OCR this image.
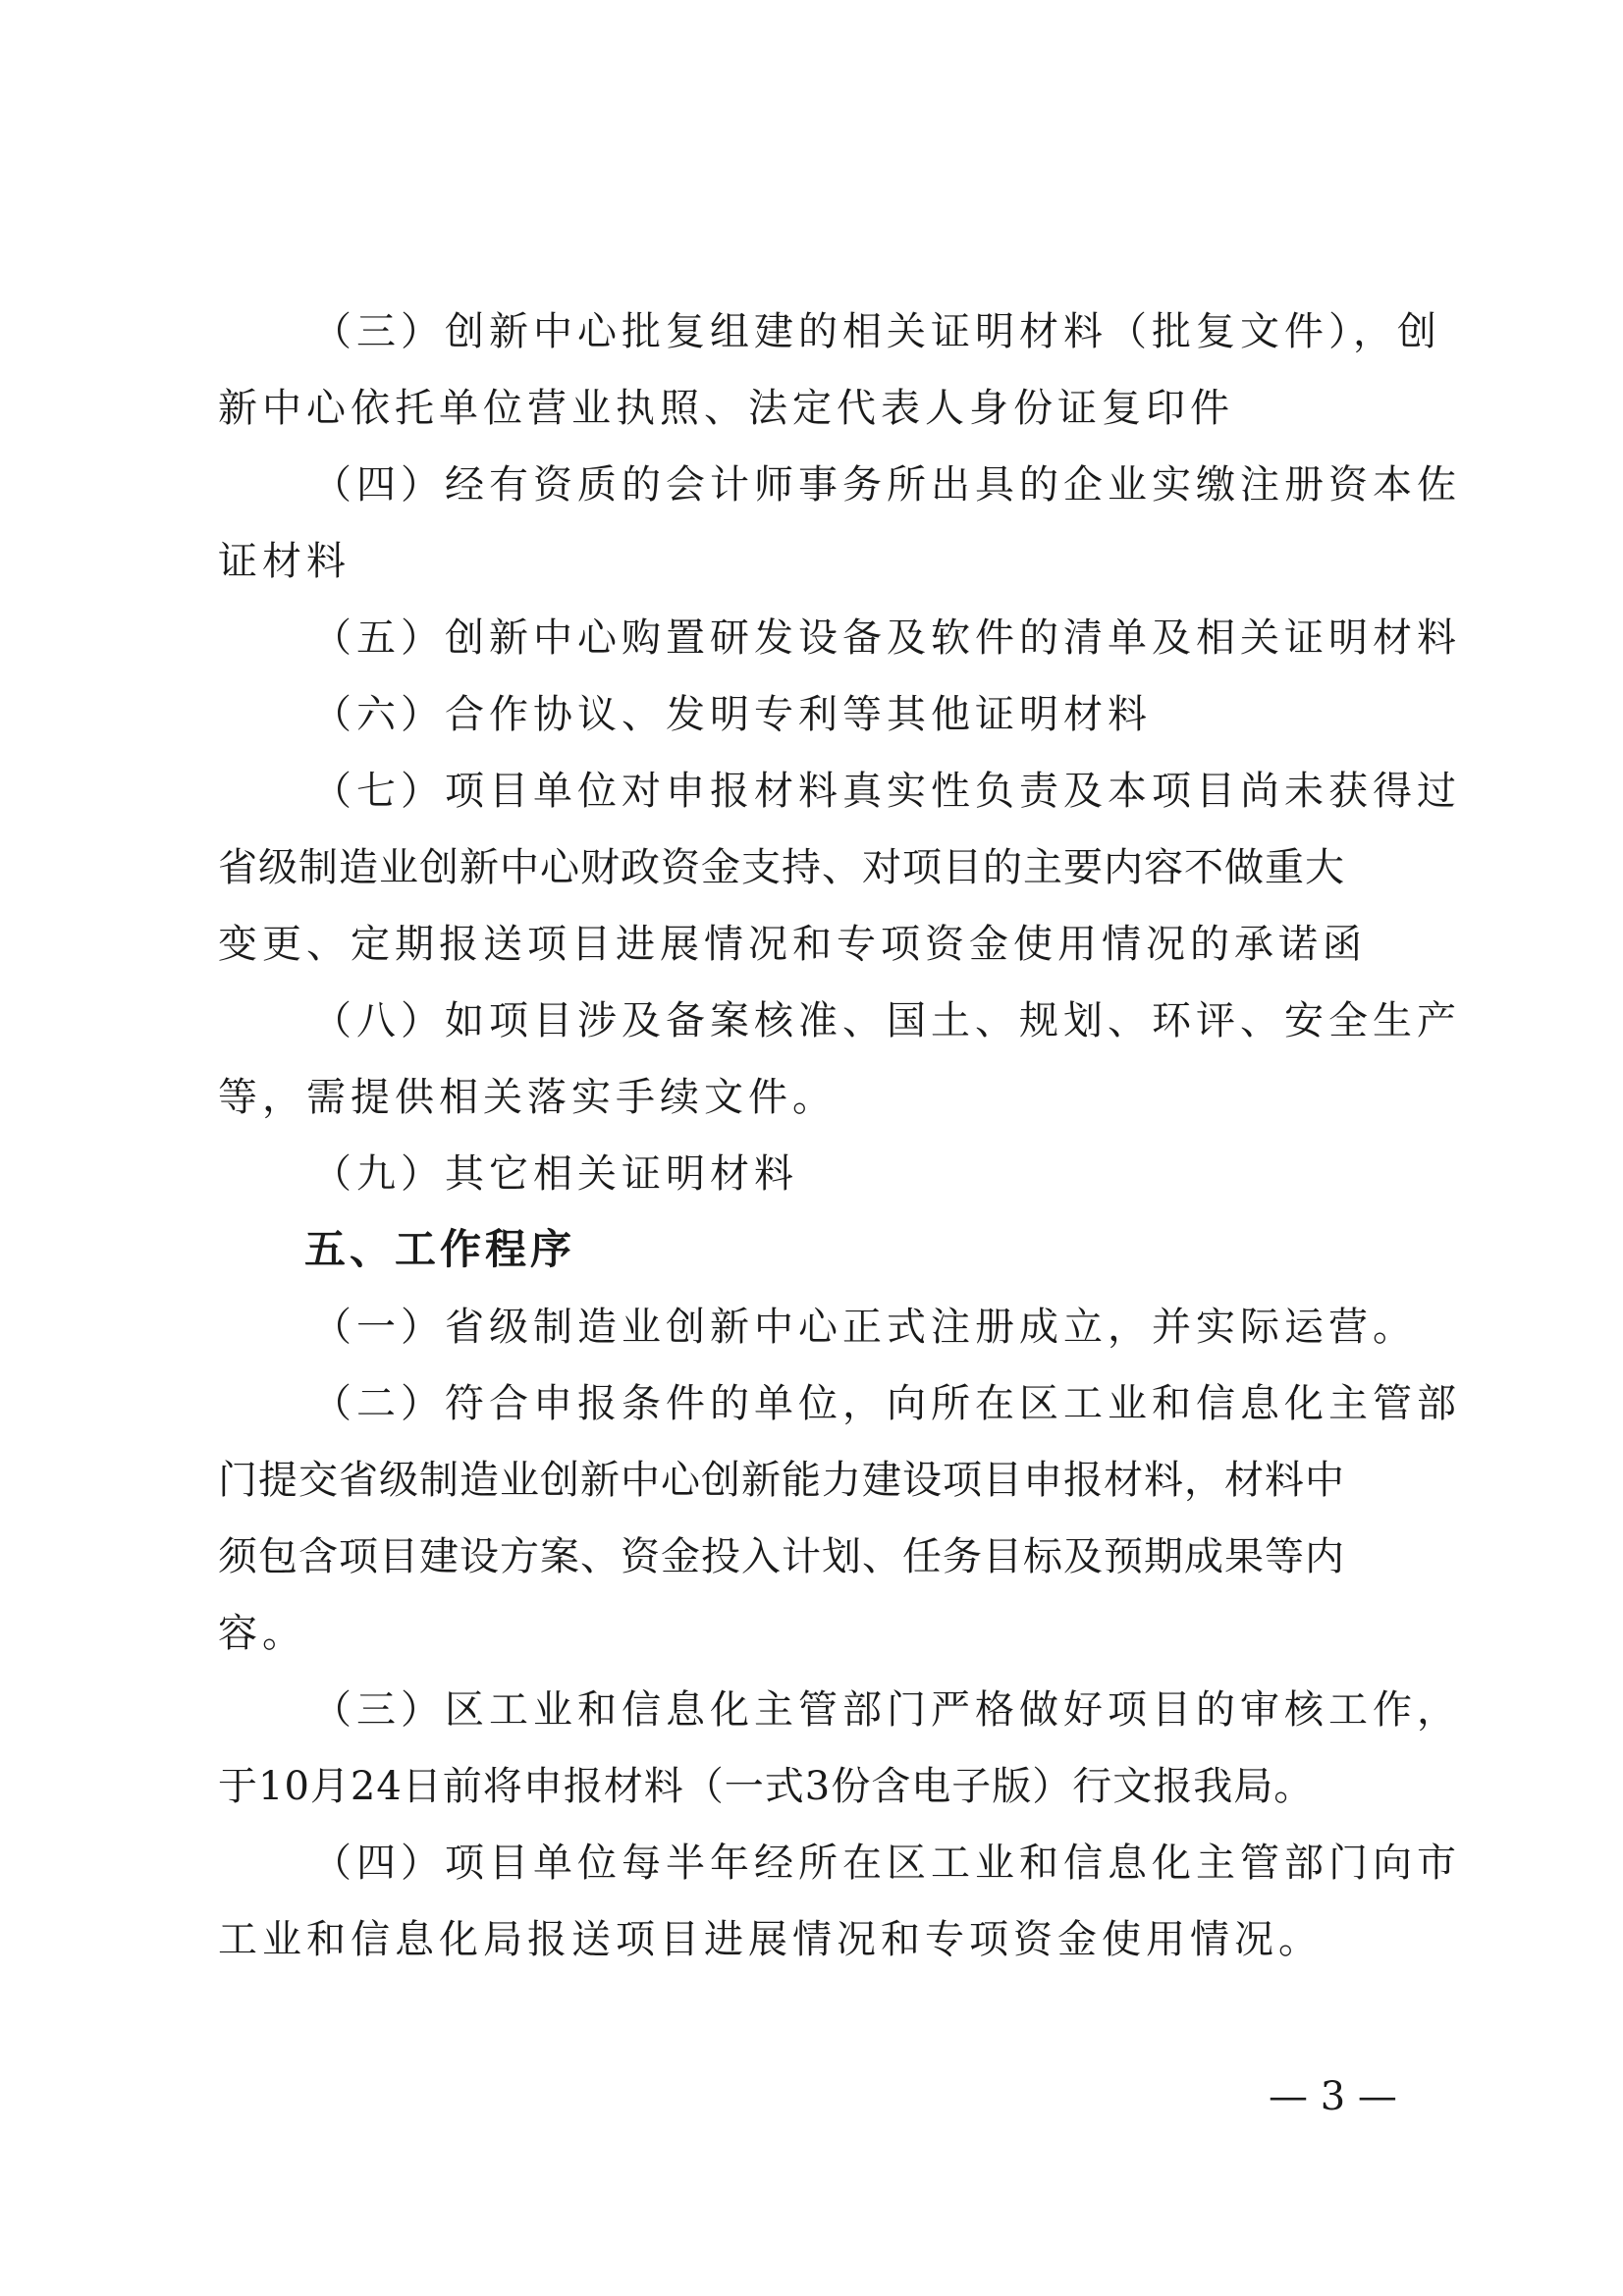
（三）创新中心批复组建的相关证明材料（批复文件），创
新中心依托单位营业执照、法定代表人身份证复印件
（四）经有资质的会计师事务所出具的企业实缴注册资本佐
证材料
（五）创新中心购置研发设备及软件的清单及相关证明材料
（六）合作协议、发明专利等其他证明材料
（七）项目单位对申报材料真实性负责及本项目尚未获得过
省级制造业创新中心财政资金支持、对项目的主要内容不做重大
变更、定期报送项目进展情况和专项资金使用情况的承诺函
（八）如项目涉及备案核准、国土、规划、环评、安全生产
等，需提供相关落实手续文件。
（九）其它相关证明材料
五、工作程序
（一）省级制造业创新中心正式注册成立，并实际运营。
（二）符合申报条件的单位，向所在区工业和信息化主管部
门提交省级制造业创新中心创新能力建设项目申报材料，材料中
须包含项目建设方案、资金投入计划、任务目标及预期成果等内
容。
（三）区工业和信息化主管部门严格做好项目的审核工作，
于10月24日前将申报材料（一式3份含电子版）行文报我局。
（四）项目单位每半年经所在区工业和信息化主管部门向市
工业和信息化局报送项目进展情况和专项资金使用情况。
— 3 —
